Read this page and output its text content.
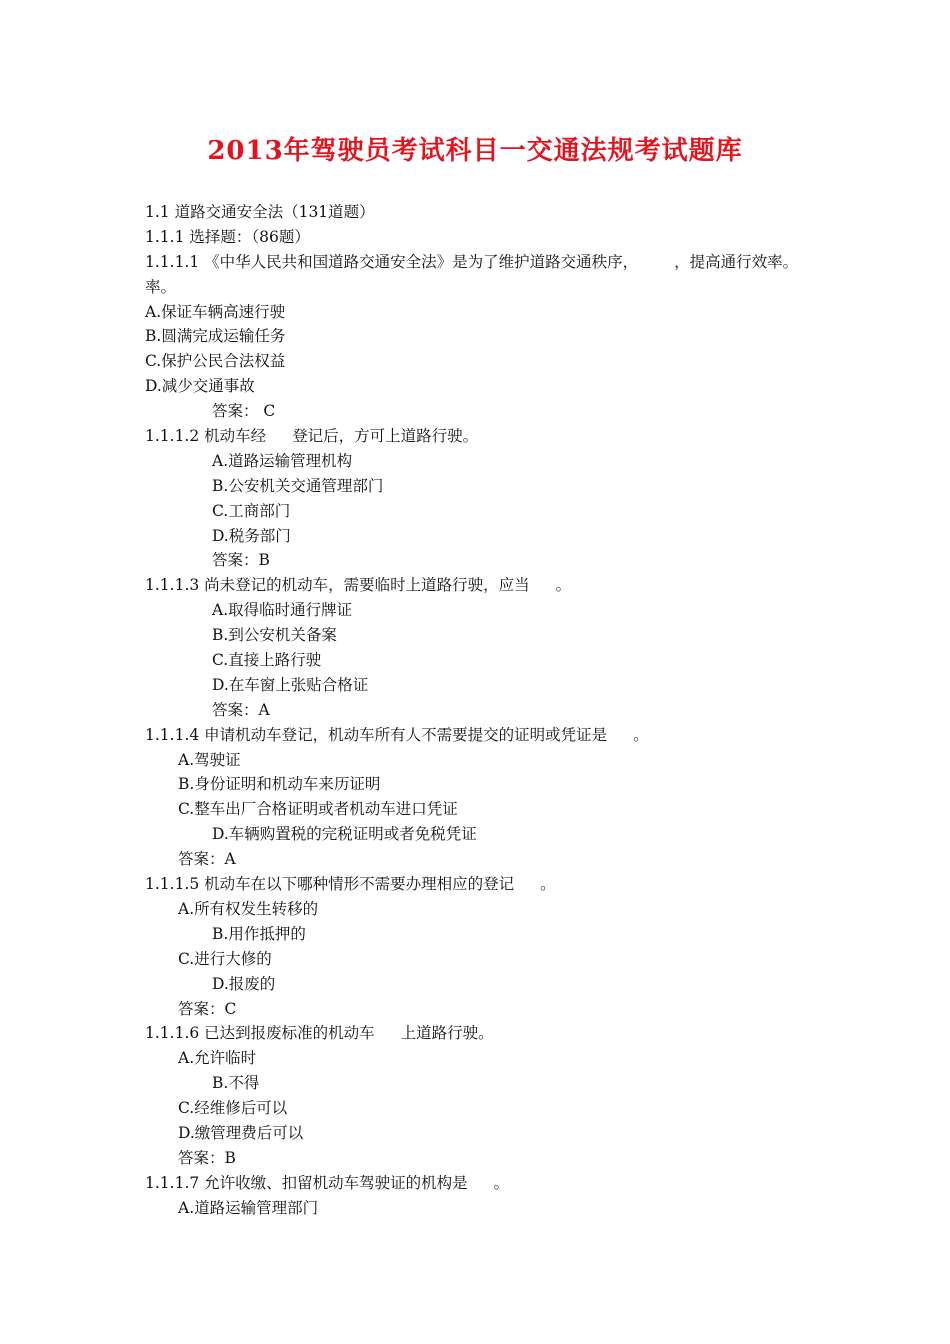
2013年驾驶员考试科目一交通法规考试题库
1.1 道路交通安全法（131道题）
1.1.1 选择题：（86题）
1.1.1.1 《中华人民共和国道路交通安全法》是为了维护道路交通秩序， ，提高通行效率。
率。
A.保证车辆高速行驶
B.圆满完成运输任务
C.保护公民合法权益
D.减少交通事故
答案： C
1.1.1.2 机动车经 登记后，方可上道路行驶。
A.道路运输管理机构
B.公安机关交通管理部门
C.工商部门
D.税务部门
答案：B
1.1.1.3 尚未登记的机动车，需要临时上道路行驶，应当 。
A.取得临时通行牌证
B.到公安机关备案
C.直接上路行驶
D.在车窗上张贴合格证
答案：A
1.1.1.4 申请机动车登记，机动车所有人不需要提交的证明或凭证是 。
A.驾驶证
B.身份证明和机动车来历证明
C.整车出厂合格证明或者机动车进口凭证
D.车辆购置税的完税证明或者免税凭证
答案：A
1.1.1.5 机动车在以下哪种情形不需要办理相应的登记 。
A.所有权发生转移的
B.用作抵押的
C.进行大修的
D.报废的
答案：C
1.1.1.6 已达到报废标准的机动车 上道路行驶。
A.允许临时
B.不得
C.经维修后可以
D.缴管理费后可以
答案：B
1.1.1.7 允许收缴、扣留机动车驾驶证的机构是 。
A.道路运输管理部门
